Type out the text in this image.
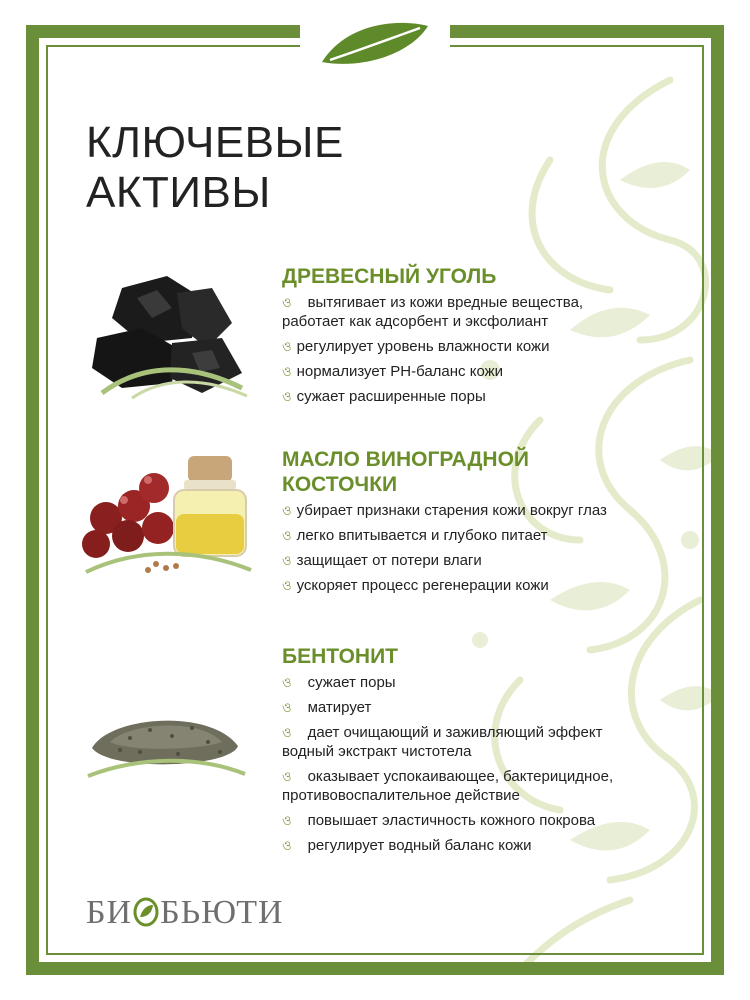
КЛЮЧЕВЫЕ
АКТИВЫ
ДРЕВЕСНЫЙ УГОЛЬ
ও вытягивает из кожи вредные вещества,
работает как адсорбент и эксфолиант
ও регулирует уровень влажности кожи
ও нормализует PH-баланс кожи
ও сужает расширенные поры
МАСЛО ВИНОГРАДНОЙ
КОСТОЧКИ
ও убирает признаки старения кожи вокруг глаз
ও легко впитывается и глубоко питает
ও защищает от потери влаги
ও ускоряет процесс регенерации кожи
БЕНТОНИТ
ও сужает поры
ও матирует
ও дает очищающий и заживляющий эффект
водный экстракт чистотела
ও оказывает успокаивающее, бактерицидное,
противовоспалительное действие
ও повышает эластичность кожного покрова
ও регулирует водный баланс кожи
БИ БЬЮТИ
